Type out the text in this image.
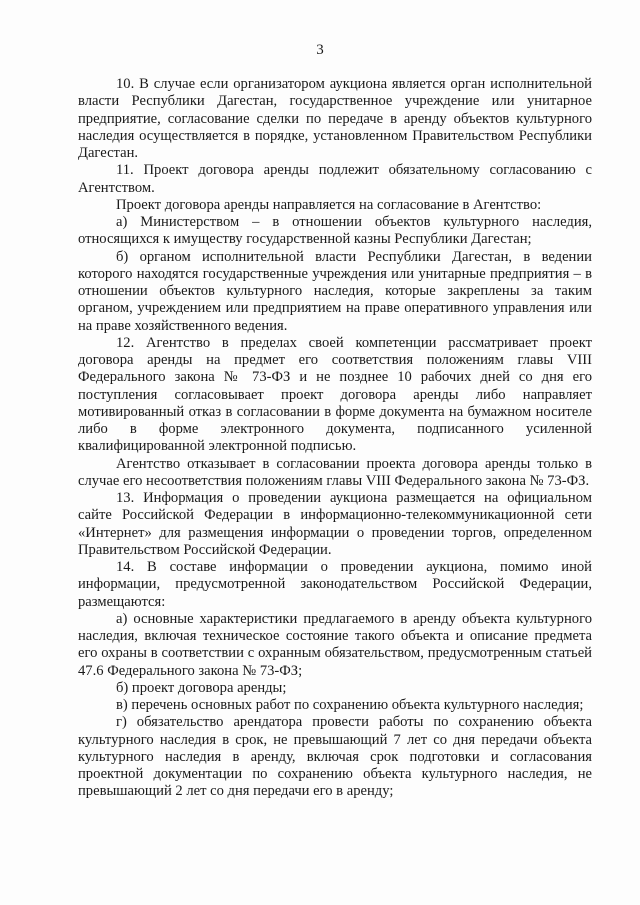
3

10. В случае если организатором аукциона является орган исполнительной власти Республики Дагестан, государственное учреждение или унитарное предприятие, согласование сделки по передаче в аренду объектов культурного наследия осуществляется в порядке, установленном Правительством Республики Дагестан.

11. Проект договора аренды подлежит обязательному согласованию с Агентством.

Проект договора аренды направляется на согласование в Агентство:

а) Министерством – в отношении объектов культурного наследия, относящихся к имуществу государственной казны Республики Дагестан;

б) органом исполнительной власти Республики Дагестан, в ведении которого находятся государственные учреждения или унитарные предприятия – в отношении объектов культурного наследия, которые закреплены за таким органом, учреждением или предприятием на праве оперативного управления или на праве хозяйственного ведения.

12. Агентство в пределах своей компетенции рассматривает проект договора аренды на предмет его соответствия положениям главы VIII Федерального закона № 73-ФЗ и не позднее 10 рабочих дней со дня его поступления согласовывает проект договора аренды либо направляет мотивированный отказ в согласовании в форме документа на бумажном носителе либо в форме электронного документа, подписанного усиленной квалифицированной электронной подписью.

Агентство отказывает в согласовании проекта договора аренды только в случае его несоответствия положениям главы VIII Федерального закона № 73-ФЗ.

13. Информация о проведении аукциона размещается на официальном сайте Российской Федерации в информационно-телекоммуникационной сети «Интернет» для размещения информации о проведении торгов, определенном Правительством Российской Федерации.

14. В составе информации о проведении аукциона, помимо иной информации, предусмотренной законодательством Российской Федерации, размещаются:

а) основные характеристики предлагаемого в аренду объекта культурного наследия, включая техническое состояние такого объекта и описание предмета его охраны в соответствии с охранным обязательством, предусмотренным статьей 47.6 Федерального закона № 73-ФЗ;

б) проект договора аренды;

в) перечень основных работ по сохранению объекта культурного наследия;

г) обязательство арендатора провести работы по сохранению объекта культурного наследия в срок, не превышающий 7 лет со дня передачи объекта культурного наследия в аренду, включая срок подготовки и согласования проектной документации по сохранению объекта культурного наследия, не превышающий 2 лет со дня передачи его в аренду;
